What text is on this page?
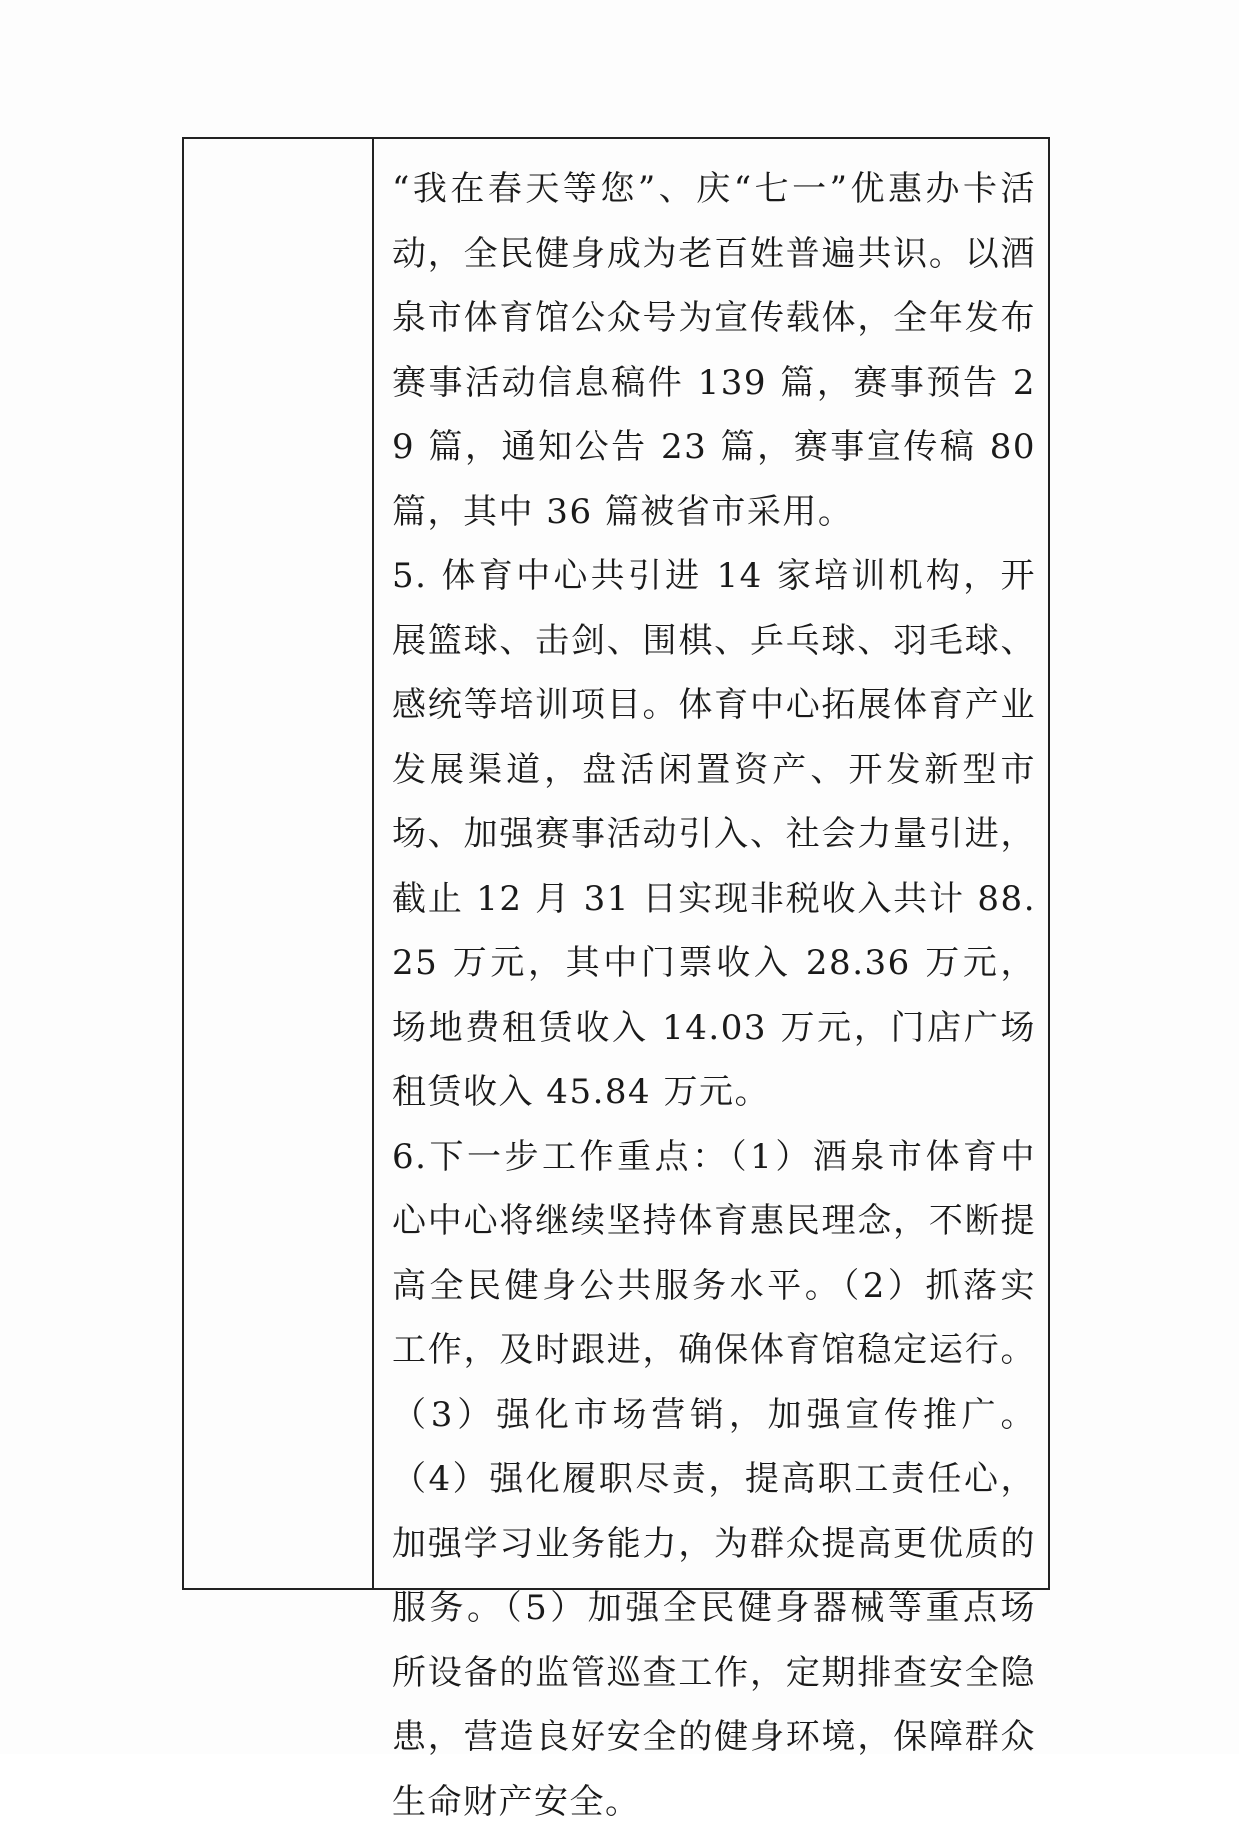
“我在春天等您”、庆“七一”优惠办卡活动，全民健身成为老百姓普遍共识。以酒泉市体育馆公众号为宣传载体，全年发布赛事活动信息稿件 139 篇，赛事预告 29 篇，通知公告 23 篇，赛事宣传稿 80 篇，其中 36 篇被省市采用。

5. 体育中心共引进 14 家培训机构，开展篮球、击剑、围棋、乒乓球、羽毛球、感统等培训项目。体育中心拓展体育产业发展渠道，盘活闲置资产、开发新型市场、加强赛事活动引入、社会力量引进，截止 12 月 31 日实现非税收入共计 88.25 万元，其中门票收入 28.36 万元，场地费租赁收入 14.03 万元，门店广场租赁收入 45.84 万元。

6.下一步工作重点：（1）酒泉市体育中心中心将继续坚持体育惠民理念，不断提高全民健身公共服务水平。（2）抓落实工作，及时跟进，确保体育馆稳定运行。（3）强化市场营销，加强宣传推广。（4）强化履职尽责，提高职工责任心，加强学习业务能力，为群众提高更优质的服务。（5）加强全民健身器械等重点场所设备的监管巡查工作，定期排查安全隐患，营造良好安全的健身环境，保障群众生命财产安全。
